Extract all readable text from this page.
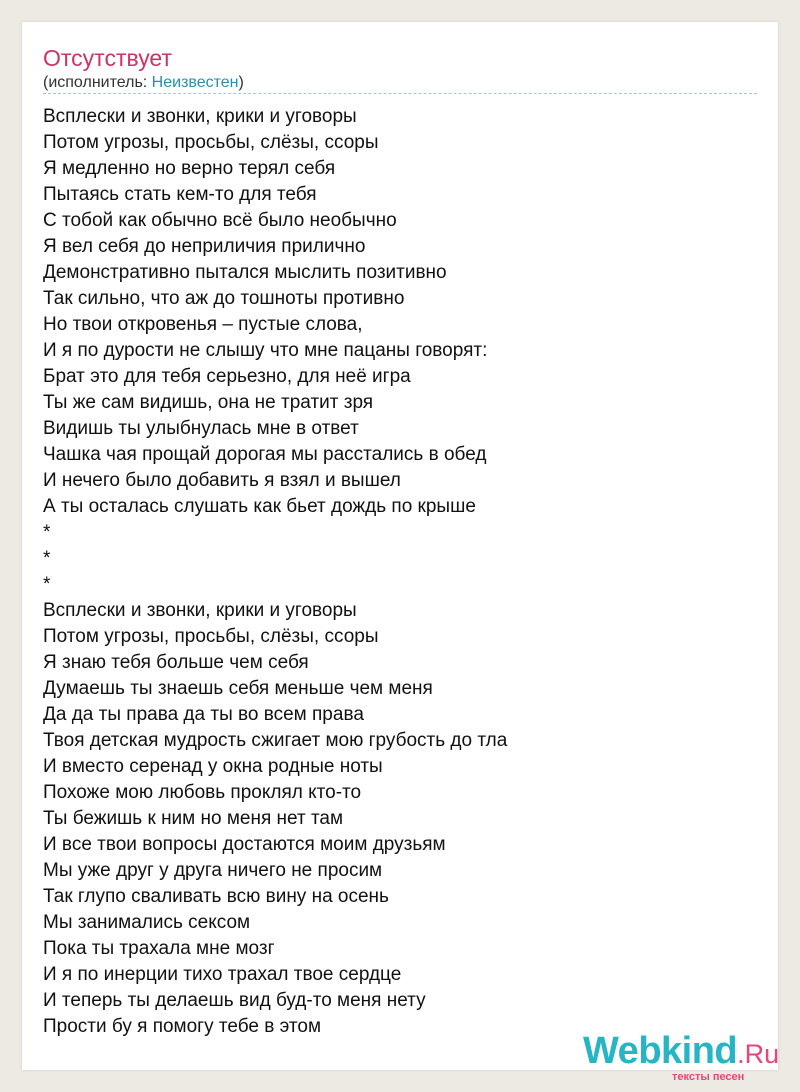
Отсутствует
(исполнитель: Неизвестен)
Всплески и звонки, крики и уговоры
Потом угрозы, просьбы, слёзы, ссоры
Я медленно но верно терял себя
Пытаясь стать кем-то для тебя
С тобой как обычно всё было необычно
Я вел себя до неприличия прилично
Демонстративно пытался мыслить позитивно
Так сильно, что аж до тошноты противно
Но твои откровенья – пустые слова,
И я по дурости не слышу что мне пацаны говорят:
Брат это для тебя серьезно, для неё игра
Ты же сам видишь, она не тратит зря
Видишь ты улыбнулась мне в ответ
Чашка чая прощай дорогая мы расстались в обед
И нечего было добавить я взял и вышел
А ты осталась слушать как бьет дождь по крыше
*
*
*
Всплески и звонки, крики и уговоры
Потом угрозы, просьбы, слёзы, ссоры
Я знаю тебя больше чем себя
Думаешь ты знаешь себя меньше чем меня
Да да ты права да ты во всем права
Твоя детская мудрость сжигает мою грубость до тла
И вместо серенад у окна родные ноты
Похоже мою любовь проклял кто-то
Ты бежишь к ним но меня нет там
И все твои вопросы достаются моим друзьям
Мы уже друг у друга ничего не просим
Так глупо сваливать всю вину на осень
Мы занимались сексом
Пока ты трахала мне мозг
И я по инерции тихо трахал твое сердце
И теперь ты делаешь вид буд-то меня нету
Прости бу я помогу тебе в этом
Webkind.Ru
тексты песен
